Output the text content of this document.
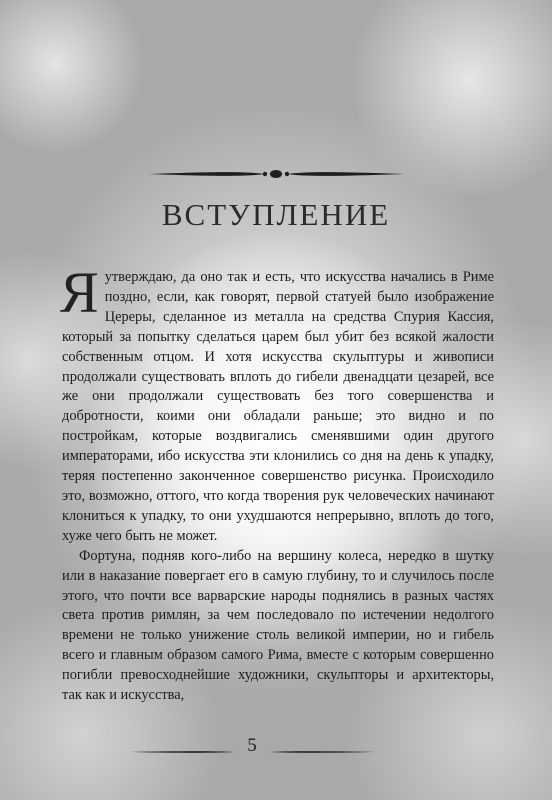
ВСТУПЛЕНИЕ

Я утверждаю, да оно так и есть, что искусства начались в Риме поздно, если, как говорят, первой статуей было изображение Цереры, сделанное из металла на средства Спурия Кассия, который за попытку сделаться царем был убит без всякой жалости собственным отцом. И хотя искусства скульптуры и живописи продолжали существовать вплоть до гибели двенадцати цезарей, все же они продолжали существовать без того совершенства и добротности, коими они обладали раньше; это видно и по постройкам, которые воздвигались сменявшими один другого императорами, ибо искусства эти клонились со дня на день к упадку, теряя постепенно законченное совершенство рисунка. Происходило это, возможно, оттого, что когда творения рук человеческих начинают клониться к упадку, то они ухудшаются непрерывно, вплоть до того, хуже чего быть не может.

Фортуна, подняв кого-либо на вершину колеса, нередко в шутку или в наказание повергает его в самую глубину, то и случилось после этого, что почти все варварские народы поднялись в разных частях света против римлян, за чем последовало по истечении недолгого времени не только унижение столь великой империи, но и гибель всего и главным образом самого Рима, вместе с которым совершенно погибли превосходнейшие художники, скульпторы и архитекторы, так как и искусства,

5
